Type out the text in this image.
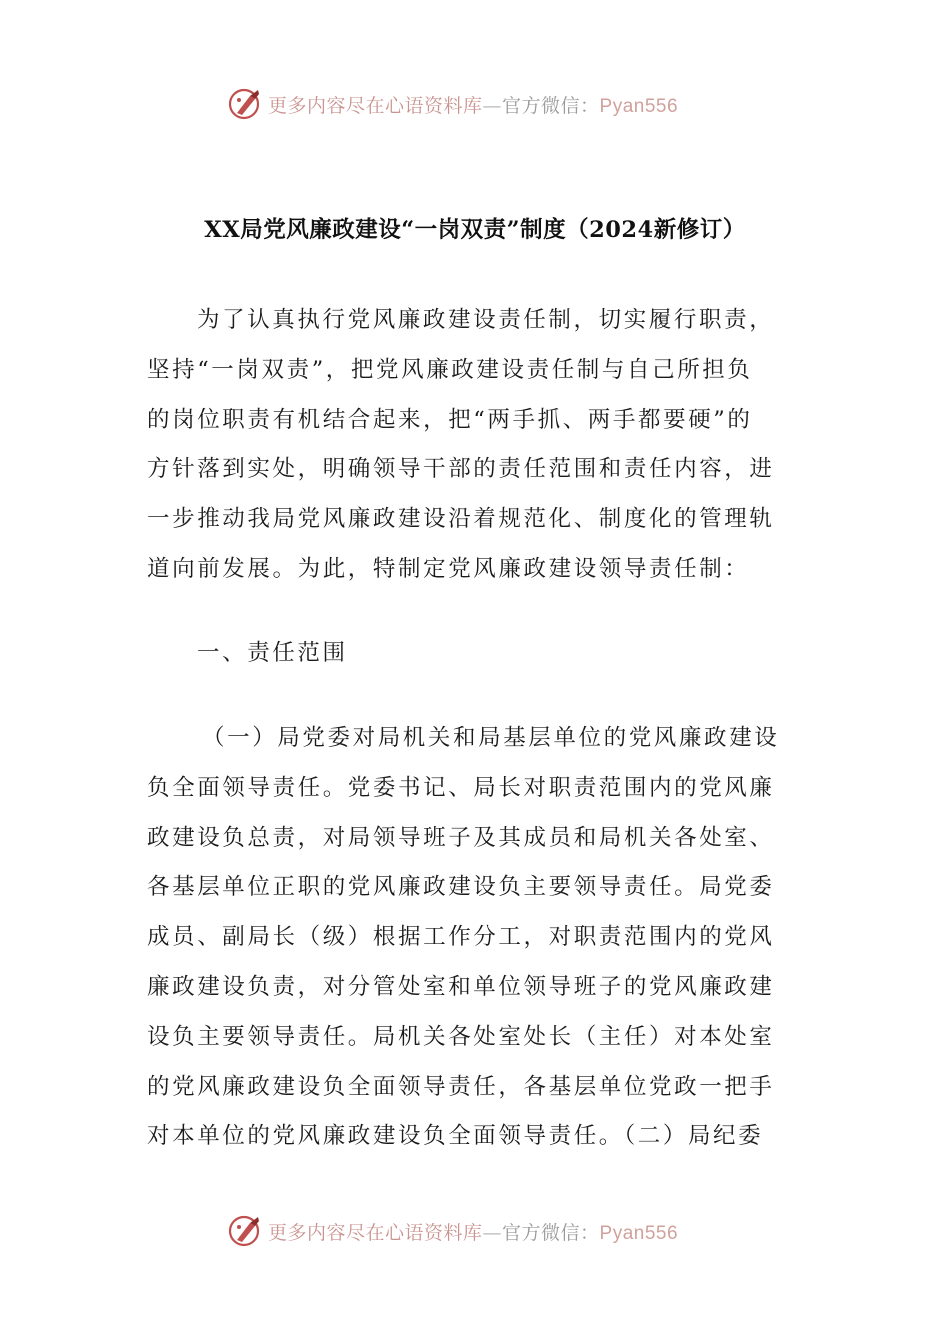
更多内容尽在心语资料库—官方微信：Pyan556
XX局党风廉政建设“一岗双责”制度（2024新修订）
为了认真执行党风廉政建设责任制，切实履行职责，
坚持“一岗双责”，把党风廉政建设责任制与自己所担负
的岗位职责有机结合起来，把“两手抓、两手都要硬”的
方针落到实处，明确领导干部的责任范围和责任内容，进
一步推动我局党风廉政建设沿着规范化、制度化的管理轨
道向前发展。为此，特制定党风廉政建设领导责任制：
一、责任范围
（一）局党委对局机关和局基层单位的党风廉政建设
负全面领导责任。党委书记、局长对职责范围内的党风廉
政建设负总责，对局领导班子及其成员和局机关各处室、
各基层单位正职的党风廉政建设负主要领导责任。局党委
成员、副局长（级）根据工作分工，对职责范围内的党风
廉政建设负责，对分管处室和单位领导班子的党风廉政建
设负主要领导责任。局机关各处室处长（主任）对本处室
的党风廉政建设负全面领导责任，各基层单位党政一把手
对本单位的党风廉政建设负全面领导责任。（二）局纪委
更多内容尽在心语资料库—官方微信：Pyan556
